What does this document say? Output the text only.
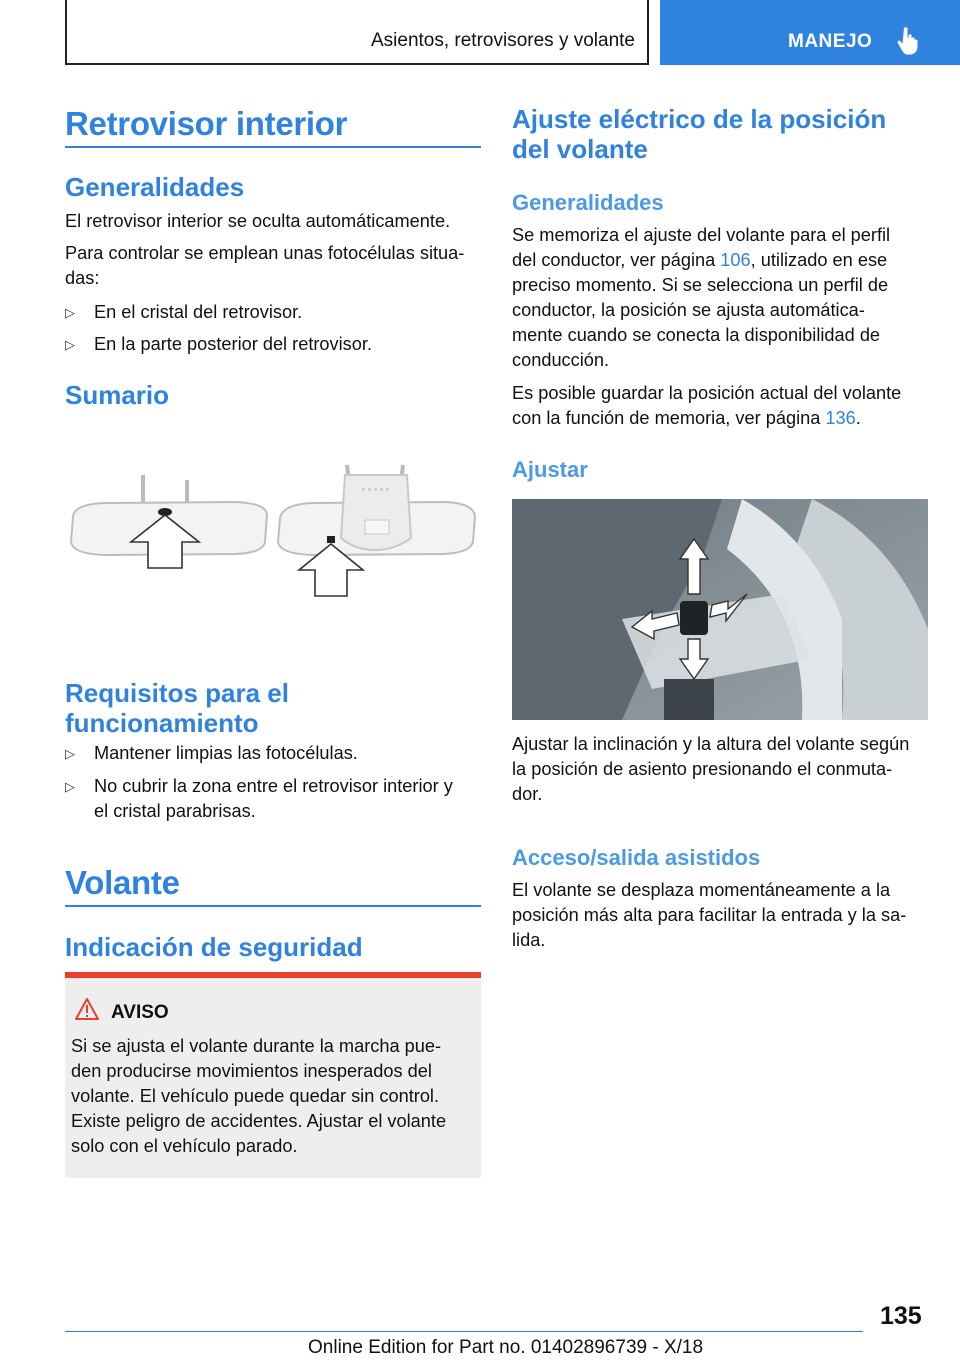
Asientos, retrovisores y volante	MANEJO
Retrovisor interior
Generalidades
El retrovisor interior se oculta automáticamente.
Para controlar se emplean unas fotocélulas situa‐
das:
▷ En el cristal del retrovisor.
▷ En la parte posterior del retrovisor.
Sumario
Requisitos para el
funcionamiento
▷ Mantener limpias las fotocélulas.
▷ No cubrir la zona entre el retrovisor interior y
el cristal parabrisas.
Volante
Indicación de seguridad
AVISO
Si se ajusta el volante durante la marcha pue‐
den producirse movimientos inesperados del
volante. El vehículo puede quedar sin control.
Existe peligro de accidentes. Ajustar el volante
solo con el vehículo parado.
Ajuste eléctrico de la posición
del volante
Generalidades
Se memoriza el ajuste del volante para el perfil
del conductor, ver página 106, utilizado en ese
preciso momento. Si se selecciona un perfil de
conductor, la posición se ajusta automática‐
mente cuando se conecta la disponibilidad de
conducción.
Es posible guardar la posición actual del volante
con la función de memoria, ver página 136.
Ajustar
Ajustar la inclinación y la altura del volante según
la posición de asiento presionando el conmuta‐
dor.
Acceso/salida asistidos
El volante se desplaza momentáneamente a la
posición más alta para facilitar la entrada y la sa‐
lida.
135
Online Edition for Part no. 01402896739 - X/18
